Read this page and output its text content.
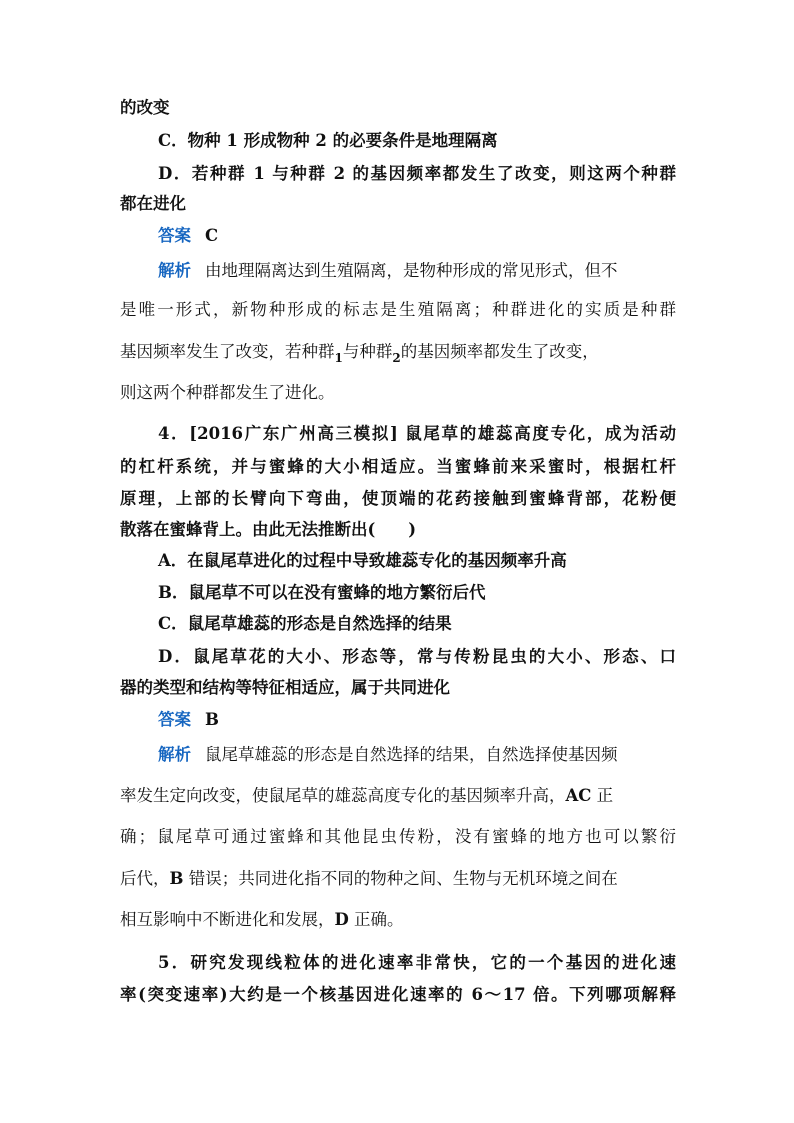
的改变
C．物种 1 形成物种 2 的必要条件是地理隔离
D．若种群 1 与种群 2 的基因频率都发生了改变，则这两个种群
都在进化
答案 C
解析 由地理隔离达到生殖隔离，是物种形成的常见形式，但不
是唯一形式，新物种形成的标志是生殖隔离；种群进化的实质是种群
基因频率发生了改变，若种群$_1$与种群$_2$的基因频率都发生了改变，
则这两个种群都发生了进化。
4．[2016广东广州高三模拟] 鼠尾草的雄蕊高度专化，成为活动
的杠杆系统，并与蜜蜂的大小相适应。当蜜蜂前来采蜜时，根据杠杆
原理，上部的长臂向下弯曲，使顶端的花药接触到蜜蜂背部，花粉便
散落在蜜蜂背上。由此无法推断出(　　)
A．在鼠尾草进化的过程中导致雄蕊专化的基因频率升高
B．鼠尾草不可以在没有蜜蜂的地方繁衍后代
C．鼠尾草雄蕊的形态是自然选择的结果
D．鼠尾草花的大小、形态等，常与传粉昆虫的大小、形态、口
器的类型和结构等特征相适应，属于共同进化
答案 B
解析 鼠尾草雄蕊的形态是自然选择的结果，自然选择使基因频
率发生定向改变，使鼠尾草的雄蕊高度专化的基因频率升高，AC 正
确；鼠尾草可通过蜜蜂和其他昆虫传粉，没有蜜蜂的地方也可以繁衍
后代，B 错误；共同进化指不同的物种之间、生物与无机环境之间在
相互影响中不断进化和发展，D 正确。
5．研究发现线粒体的进化速率非常快，它的一个基因的进化速
率(突变速率)大约是一个核基因进化速率的 6～17 倍。下列哪项解释
